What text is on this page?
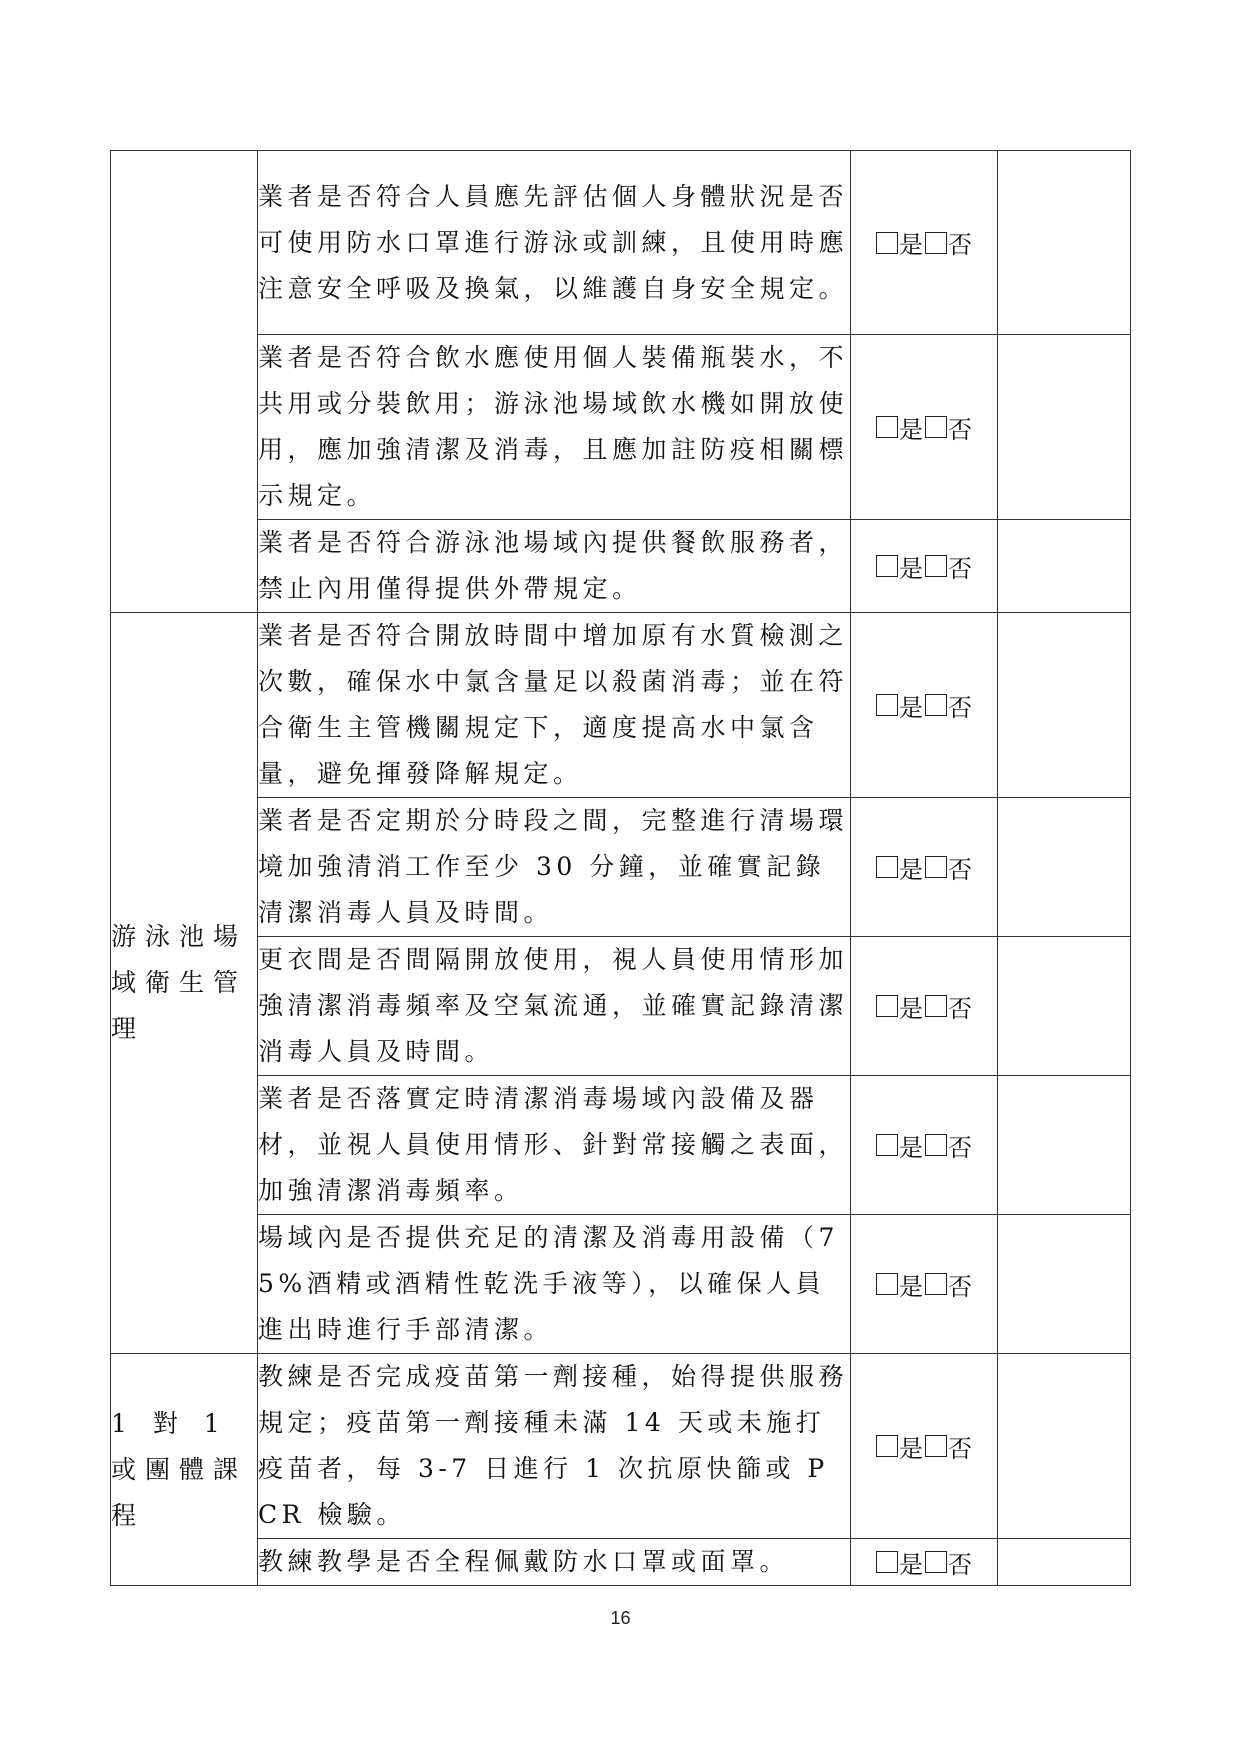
	業者是否符合人員應先評估個人身體狀況是否可使用防水口罩進行游泳或訓練，且使用時應注意安全呼吸及換氣，以維護自身安全規定。	是 否	

	業者是否符合飲水應使用個人裝備瓶裝水，不共用或分裝飲用；游泳池場域飲水機如開放使用，應加強清潔及消毒，且應加註防疫相關標示規定。	是 否	

	業者是否符合游泳池場域內提供餐飲服務者，禁止內用僅得提供外帶規定。	是 否	

游泳池場域衛生管理	業者是否符合開放時間中增加原有水質檢測之次數，確保水中氯含量足以殺菌消毒；並在符合衛生主管機關規定下，適度提高水中氯含量，避免揮發降解規定。	是 否	

	業者是否定期於分時段之間，完整進行清場環境加強清消工作至少 30 分鐘，並確實記錄清潔消毒人員及時間。	是 否	

	更衣間是否間隔開放使用，視人員使用情形加強清潔消毒頻率及空氣流通，並確實記錄清潔消毒人員及時間。	是 否	

	業者是否落實定時清潔消毒場域內設備及器材，並視人員使用情形、針對常接觸之表面，加強清潔消毒頻率。	是 否	

	場域內是否提供充足的清潔及消毒用設備（75%酒精或酒精性乾洗手液等），以確保人員進出時進行手部清潔。	是 否	

1 對 1 或團體課程	教練是否完成疫苗第一劑接種，始得提供服務規定；疫苗第一劑接種未滿 14 天或未施打疫苗者，每 3-7 日進行 1 次抗原快篩或 PCR 檢驗。	是 否	

	教練教學是否全程佩戴防水口罩或面罩。	是 否	

16
